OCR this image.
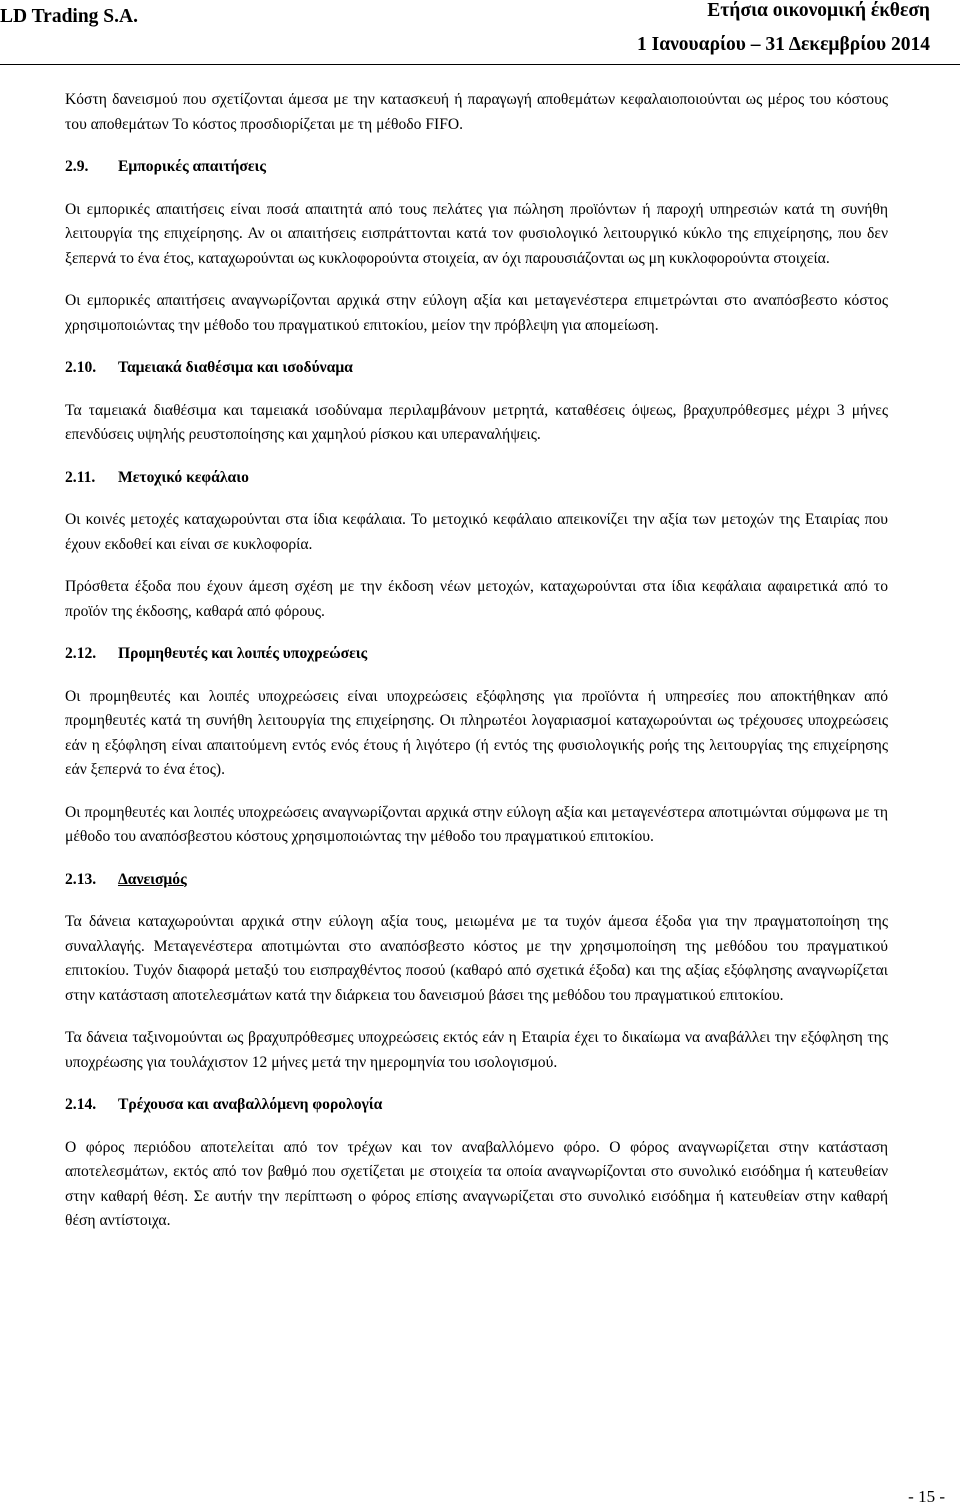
LD Trading S.A.	Ετήσια οικονομική έκθεση
1 Ιανουαρίου – 31 Δεκεμβρίου 2014

Κόστη δανεισμού που σχετίζονται άμεσα με την κατασκευή ή παραγωγή αποθεμάτων κεφαλαιοποιούνται ως μέρος του κόστους του αποθεμάτων Το κόστος προσδιορίζεται με τη μέθοδο FIFO.

2.9. Εμπορικές απαιτήσεις

Οι εμπορικές απαιτήσεις είναι ποσά απαιτητά από τους πελάτες για πώληση προϊόντων ή παροχή υπηρεσιών κατά τη συνήθη λειτουργία της επιχείρησης. Αν οι απαιτήσεις εισπράττονται κατά τον φυσιολογικό λειτουργικό κύκλο της επιχείρησης, που δεν ξεπερνά το ένα έτος, καταχωρούνται ως κυκλοφορούντα στοιχεία, αν όχι παρουσιάζονται ως μη κυκλοφορούντα στοιχεία.

Οι εμπορικές απαιτήσεις αναγνωρίζονται αρχικά στην εύλογη αξία και μεταγενέστερα επιμετρώνται στο αναπόσβεστο κόστος χρησιμοποιώντας την μέθοδο του πραγματικού επιτοκίου, μείον την πρόβλεψη για απομείωση.

2.10. Ταμειακά διαθέσιμα και ισοδύναμα

Τα ταμειακά διαθέσιμα και ταμειακά ισοδύναμα περιλαμβάνουν μετρητά, καταθέσεις όψεως, βραχυπρόθεσμες μέχρι 3 μήνες επενδύσεις υψηλής ρευστοποίησης και χαμηλού ρίσκου και υπεραναλήψεις.

2.11. Μετοχικό κεφάλαιο

Οι κοινές μετοχές καταχωρούνται στα ίδια κεφάλαια. Το μετοχικό κεφάλαιο απεικονίζει την αξία των μετοχών της Εταιρίας που έχουν εκδοθεί και είναι σε κυκλοφορία.

Πρόσθετα έξοδα που έχουν άμεση σχέση με την έκδοση νέων μετοχών, καταχωρούνται στα ίδια κεφάλαια αφαιρετικά από το προϊόν της έκδοσης, καθαρά από φόρους.

2.12. Προμηθευτές και λοιπές υποχρεώσεις

Οι προμηθευτές και λοιπές υποχρεώσεις είναι υποχρεώσεις εξόφλησης για προϊόντα ή υπηρεσίες που αποκτήθηκαν από προμηθευτές κατά τη συνήθη λειτουργία της επιχείρησης. Οι πληρωτέοι λογαριασμοί καταχωρούνται ως τρέχουσες υποχρεώσεις εάν η εξόφληση είναι απαιτούμενη εντός ενός έτους ή λιγότερο (ή εντός της φυσιολογικής ροής της λειτουργίας της επιχείρησης εάν ξεπερνά το ένα έτος).

Οι προμηθευτές και λοιπές υποχρεώσεις αναγνωρίζονται αρχικά στην εύλογη αξία και μεταγενέστερα αποτιμώνται σύμφωνα με τη μέθοδο του αναπόσβεστου κόστους χρησιμοποιώντας την μέθοδο του πραγματικού επιτοκίου.

2.13. Δανεισμός

Τα δάνεια καταχωρούνται αρχικά στην εύλογη αξία τους, μειωμένα με τα τυχόν άμεσα έξοδα για την πραγματοποίηση της συναλλαγής. Μεταγενέστερα αποτιμώνται στο αναπόσβεστο κόστος με την χρησιμοποίηση της μεθόδου του πραγματικού επιτοκίου. Τυχόν διαφορά μεταξύ του εισπραχθέντος ποσού (καθαρό από σχετικά έξοδα) και της αξίας εξόφλησης αναγνωρίζεται στην κατάσταση αποτελεσμάτων κατά την διάρκεια του δανεισμού βάσει της μεθόδου του πραγματικού επιτοκίου.

Τα δάνεια ταξινομούνται ως βραχυπρόθεσμες υποχρεώσεις εκτός εάν η Εταιρία έχει το δικαίωμα να αναβάλλει την εξόφληση της υποχρέωσης για τουλάχιστον 12 μήνες μετά την ημερομηνία του ισολογισμού.

2.14. Τρέχουσα και αναβαλλόμενη φορολογία

Ο φόρος περιόδου αποτελείται από τον τρέχων και τον αναβαλλόμενο φόρο. Ο φόρος αναγνωρίζεται στην κατάσταση αποτελεσμάτων, εκτός από τον βαθμό που σχετίζεται με στοιχεία τα οποία αναγνωρίζονται στο συνολικό εισόδημα ή κατευθείαν στην καθαρή θέση. Σε αυτήν την περίπτωση ο φόρος επίσης αναγνωρίζεται στο συνολικό εισόδημα ή κατευθείαν στην καθαρή θέση αντίστοιχα.

- 15 -
